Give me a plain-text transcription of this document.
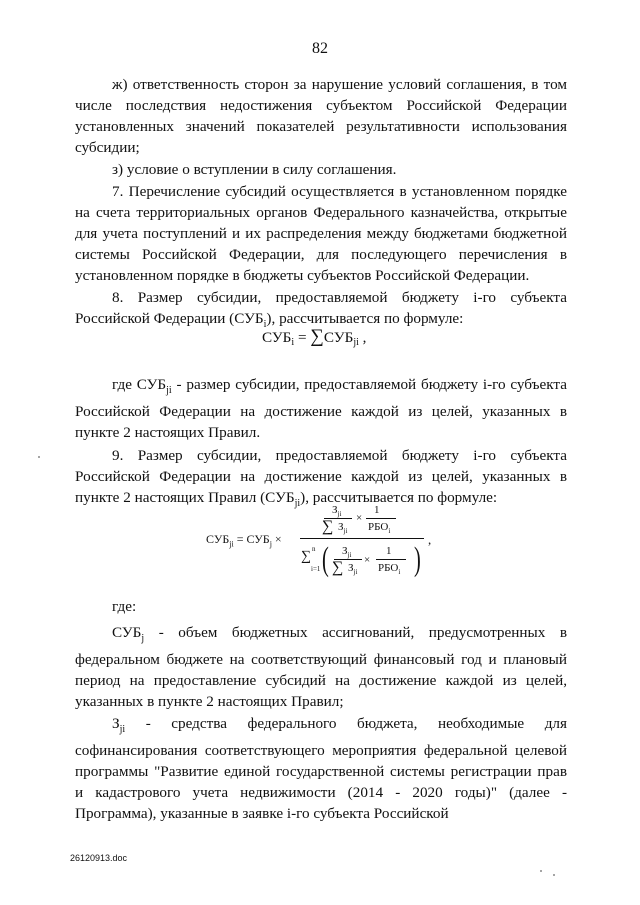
82

ж) ответственность сторон за нарушение условий соглашения, в том числе последствия недостижения субъектом Российской Федерации установленных значений показателей результативности использования субсидии;

з) условие о вступлении в силу соглашения.

7. Перечисление субсидий осуществляется в установленном порядке на счета территориальных органов Федерального казначейства, открытые для учета поступлений и их распределения между бюджетами бюджетной системы Российской Федерации, для последующего перечисления в установленном порядке в бюджеты субъектов Российской Федерации.

8. Размер субсидии, предоставляемой бюджету i-го субъекта Российской Федерации $(СУБ_i)$, рассчитывается по формуле:

$СУБ_i = \sum СУБ_{ji}$ ,

где $СУБ_{ji}$ - размер субсидии, предоставляемой бюджету i-го субъекта Российской Федерации на достижение каждой из целей, указанных в пункте 2 настоящих Правил.

9. Размер субсидии, предоставляемой бюджету i-го субъекта Российской Федерации на достижение каждой из целей, указанных в пункте 2 настоящих Правил $(СУБ_{ji})$, рассчитывается по формуле:

$СУБ_{ji} = СУБ_j$ ×
$З_{ji}$	1
×
∑ $З_{ji}$ $РБО_i$
∑ n
i=1 (	)
$З_{ji}$	1
×
∑ $З_{ji}$ $РБО_i$
,

где:

$СУБ_j$ - объем бюджетных ассигнований, предусмотренных в федеральном бюджете на соответствующий финансовый год и плановый период на предоставление субсидий на достижение каждой из целей, указанных в пункте 2 настоящих Правил;

$З_{ji}$ - средства федерального бюджета, необходимые для софинансирования соответствующего мероприятия федеральной целевой программы "Развитие единой государственной системы регистрации прав и кадастрового учета недвижимости (2014 - 2020 годы)" (далее - Программа), указанные в заявке i-го субъекта Российской

26120913.doc
